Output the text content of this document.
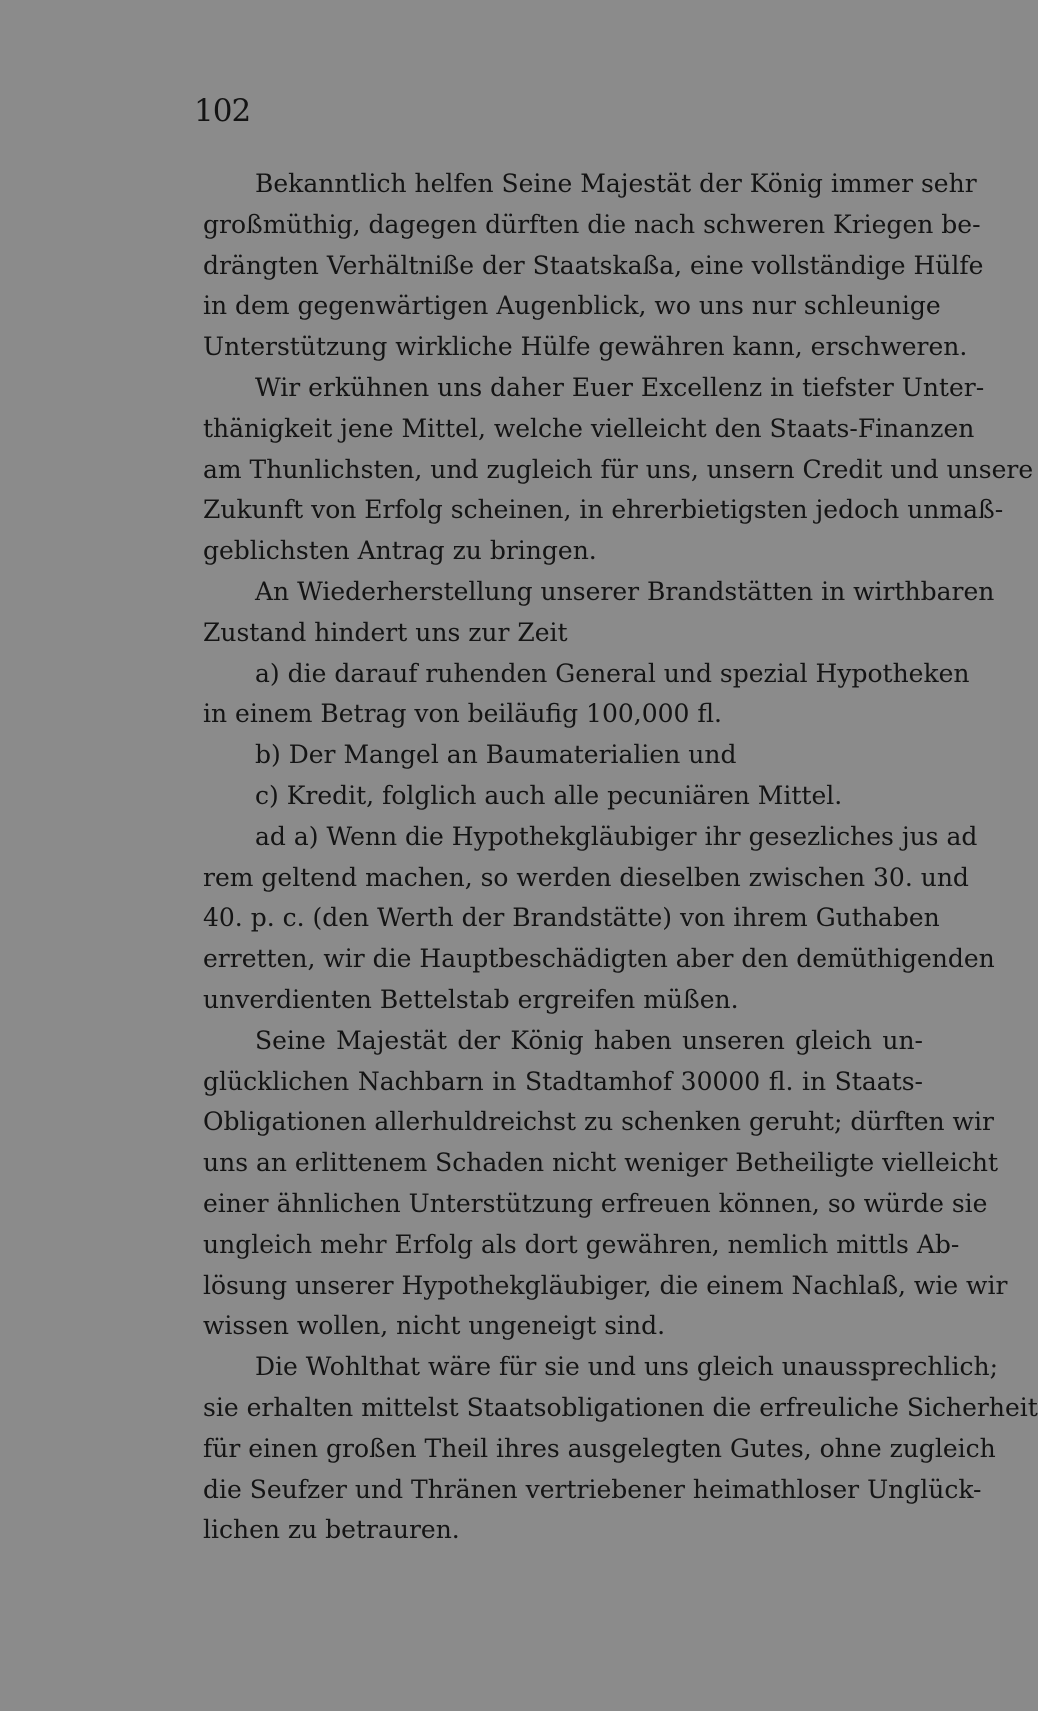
102
Bekanntlich helfen Seine Majestät der König immer sehr
großmüthig, dagegen dürften die nach schweren Kriegen be-
drängten Verhältniße der Staatskaßa, eine vollständige Hülfe
in dem gegenwärtigen Augenblick, wo uns nur schleunige
Unterstützung wirkliche Hülfe gewähren kann, erschweren.
Wir erkühnen uns daher Euer Excellenz in tiefster Unter-
thänigkeit jene Mittel, welche vielleicht den Staats-Finanzen
am Thunlichsten, und zugleich für uns, unsern Credit und unsere
Zukunft von Erfolg scheinen, in ehrerbietigsten jedoch unmaß-
geblichsten Antrag zu bringen.
An Wiederherstellung unserer Brandstätten in wirthbaren
Zustand hindert uns zur Zeit
a) die darauf ruhenden General und spezial Hypotheken
in einem Betrag von beiläufig 100,000 fl.
b) Der Mangel an Baumaterialien und
c) Kredit, folglich auch alle pecuniären Mittel.
ad a) Wenn die Hypothekgläubiger ihr gesezliches jus ad
rem geltend machen, so werden dieselben zwischen 30. und
40. p. c. (den Werth der Brandstätte) von ihrem Guthaben
erretten, wir die Hauptbeschädigten aber den demüthigenden
unverdienten Bettelstab ergreifen müßen.
Seine Majestät der König haben unseren gleich un-
glücklichen Nachbarn in Stadtamhof 30000 fl. in Staats-
Obligationen allerhuldreichst zu schenken geruht; dürften wir
uns an erlittenem Schaden nicht weniger Betheiligte vielleicht
einer ähnlichen Unterstützung erfreuen können, so würde sie
ungleich mehr Erfolg als dort gewähren, nemlich mittls Ab-
lösung unserer Hypothekgläubiger, die einem Nachlaß, wie wir
wissen wollen, nicht ungeneigt sind.
Die Wohlthat wäre für sie und uns gleich unaussprechlich;
sie erhalten mittelst Staatsobligationen die erfreuliche Sicherheit
für einen großen Theil ihres ausgelegten Gutes, ohne zugleich
die Seufzer und Thränen vertriebener heimathloser Unglück-
lichen zu betrauren.
